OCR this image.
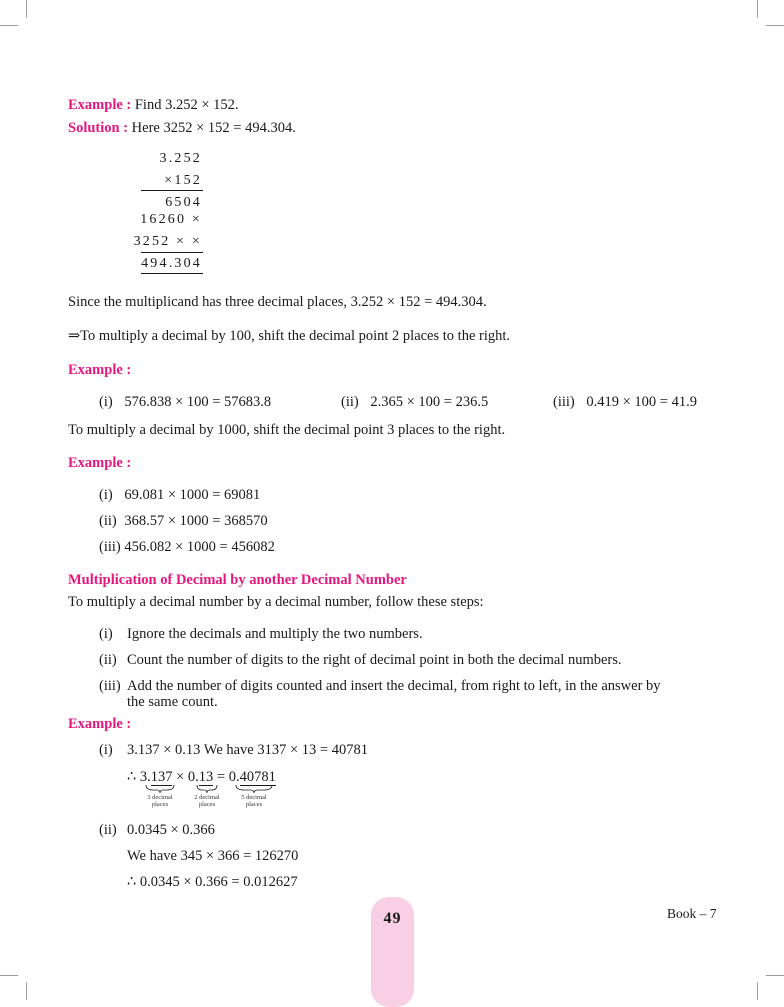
Example : Find 3.252 × 152.
Solution : Here 3252 × 152 = 494.304.
3.252
×152
6504
16260 ×
3252 × ×
494.304
Since the multiplicand has three decimal places, 3.252 × 152 = 494.304.
⇒To multiply a decimal by 100, shift the decimal point 2 places to the right.
Example :
(i) 576.838 × 100 = 57683.8	(ii) 2.365 × 100 = 236.5	(iii) 0.419 × 100 = 41.9
To multiply a decimal by 1000, shift the decimal point 3 places to the right.
Example :
(i) 69.081 × 1000 = 69081
(ii) 368.57 × 1000 = 368570
(iii) 456.082 × 1000 = 456082
Multiplication of Decimal by another Decimal Number
To multiply a decimal number by a decimal number, follow these steps:
(i) Ignore the decimals and multiply the two numbers.
(ii) Count the number of digits to the right of decimal point in both the decimal numbers.
(iii) Add the number of digits counted and insert the decimal, from right to left, in the answer by
the same count.
Example :
(i) 3.137 × 0.13 We have 3137 × 13 = 40781
∴ 3.137 × 0.13 = 0.40781
3 decimal places
2 decimal places
5 decimal places
(ii) 0.0345 × 0.366
We have 345 × 366 = 126270
∴ 0.0345 × 0.366 = 0.012627
49	Book – 7
